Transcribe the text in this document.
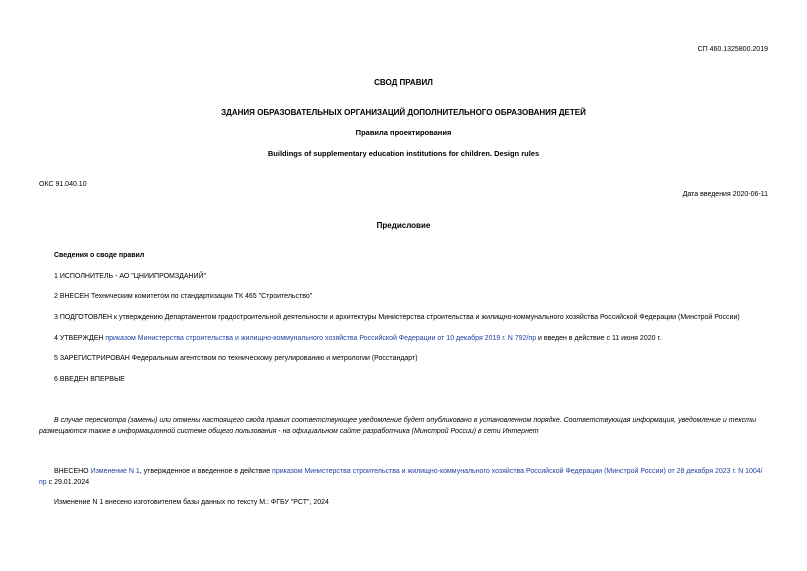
СП 460.1325800.2019
СВОД ПРАВИЛ
ЗДАНИЯ ОБРАЗОВАТЕЛЬНЫХ ОРГАНИЗАЦИЙ ДОПОЛНИТЕЛЬНОГО ОБРАЗОВАНИЯ ДЕТЕЙ
Правила проектирования
Buildings of supplementary education institutions for children. Design rules
ОКС 91.040.10
Дата введения 2020-06-11
Предисловие
Сведения о своде правил
1 ИСПОЛНИТЕЛЬ - АО "ЦНИИПРОМЗДАНИЙ"
2 ВНЕСЕН Техническим комитетом по стандартизации ТК 465 "Строительство"
3 ПОДГОТОВЛЕН к утверждению Департаментом градостроительной деятельности и архитектуры Министерства строительства и жилищно-коммунального хозяйства Российской Федерации (Минстрой России)
4 УТВЕРЖДЕН приказом Министерства строительства и жилищно-коммунального хозяйства Российской Федерации от 10 декабря 2019 г. N 792/пр и введен в действие с 11 июня 2020 г.
5 ЗАРЕГИСТРИРОВАН Федеральным агентством по техническому регулированию и метрологии (Росстандарт)
6 ВВЕДЕН ВПЕРВЫЕ
В случае пересмотра (замены) или отмены настоящего свода правил соответствующее уведомление будет опубликовано в установленном порядке. Соответствующая информация, уведомление и тексты размещаются также в информационной системе общего пользования - на официальном сайте разработчика (Минстрой России) в сети Интернет
ВНЕСЕНО Изменение N 1, утвержденное и введенное в действие приказом Министерства строительства и жилищно-коммунального хозяйства Российской Федерации (Минстрой России) от 28 декабря 2023 г. N 1004/пр с 29.01.2024
Изменение N 1 внесено изготовителем базы данных по тексту М.: ФГБУ "РСТ", 2024
